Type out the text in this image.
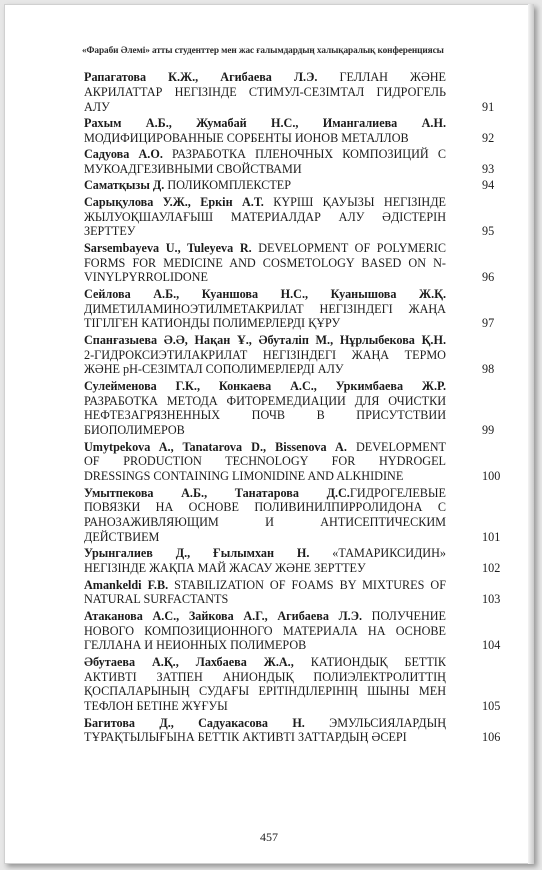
«Фараби Әлемі» атты студенттер мен жас ғалымдардың халықаралық конференциясы
Рапагатова К.Ж., Агибаева Л.Э. ГЕЛЛАН ЖӘНЕ
АКРИЛАТТАР НЕГІЗІНДЕ СТИМУЛ-СЕЗІМТАЛ ГИДРОГЕЛЬ
АЛУ	91
Рахым А.Б., Жумабай Н.С., Имангалиева А.Н.
МОДИФИЦИРОВАННЫЕ СОРБЕНТЫ ИОНОВ МЕТАЛЛОВ	92
Садуова А.О. РАЗРАБОТКА ПЛЕНОЧНЫХ КОМПОЗИЦИЙ С
МУКОАДГЕЗИВНЫМИ СВОЙСТВАМИ	93
Саматқызы Д. ПОЛИКОМПЛЕКСТЕР	94
Сарықулова У.Ж., Еркін А.Т. КҮРІШ ҚАУЫЗЫ НЕГІЗІНДЕ
ЖЫЛУОҚШАУЛАҒЫШ МАТЕРИАЛДАР АЛУ ӘДІСТЕРІН
ЗЕРТТЕУ	95
Sarsembayeva U., Tuleyeva R. DEVELOPMENT OF POLYMERIC
FORMS FOR MEDICINE AND COSMETOLOGY BASED ON N-
VINYLPYRROLIDONE	96
Сейлова А.Б., Куаншова Н.С., Куанышова Ж.Қ.
ДИМЕТИЛАМИНОЭТИЛМЕТАКРИЛАТ НЕГІЗІНДЕГІ ЖАҢА
ТІГІЛГЕН КАТИОНДЫ ПОЛИМЕРЛЕРДІ ҚҰРУ	97
Спанғазыева Ә.Ә, Нақан Ұ., Әбуталіп М., Нұрлыбекова Қ.Н.
2-ГИДРОКСИЭТИЛАКРИЛАТ НЕГІЗІНДЕГІ ЖАҢА ТЕРМО
ЖӘНЕ pH-СЕЗІМТАЛ СОПОЛИМЕРЛЕРДІ АЛУ	98
Сулейменова Г.К., Конкаева А.С., Уркимбаева Ж.Р.
РАЗРАБОТКА МЕТОДА ФИТОРЕМЕДИАЦИИ ДЛЯ ОЧИСТКИ
НЕФТЕЗАГРЯЗНЕННЫХ ПОЧВ В ПРИСУТСТВИИ
БИОПОЛИМЕРОВ	99
Umytpekova A., Tanatarova D., Bissenova A. DEVELOPMENT
OF PRODUCTION TECHNOLOGY FOR HYDROGEL
DRESSINGS CONTAINING LIMONIDINE AND ALKHIDINE	100
Умытпекова А.Б., Танатарова Д.С.ГИДРОГЕЛЕВЫЕ
ПОВЯЗКИ НА ОСНОВЕ ПОЛИВИНИЛПИРРОЛИДОНА С
РАНОЗАЖИВЛЯЮЩИМ И АНТИСЕПТИЧЕСКИМ
ДЕЙСТВИЕМ	101
Урынгалиев Д., Ғылымхан Н. «ТАМАРИКСИДИН»
НЕГІЗІНДЕ ЖАҚПА МАЙ ЖАСАУ ЖӘНЕ ЗЕРТТЕУ	102
Amankeldi F.B. STABILIZATION OF FOAMS BY MIXTURES OF
NATURAL SURFACTANTS	103
Атаканова А.С., Зайкова А.Г., Агибаева Л.Э. ПОЛУЧЕНИЕ
НОВОГО КОМПОЗИЦИОННОГО МАТЕРИАЛА НА ОСНОВЕ
ГЕЛЛАНА И НЕИОННЫХ ПОЛИМЕРОВ	104
Әбутаева А.Қ., Лахбаева Ж.А., КАТИОНДЫҚ БЕТТІК
АКТИВТІ ЗАТПЕН АНИОНДЫҚ ПОЛИЭЛЕКТРОЛИТТІҢ
ҚОСПАЛАРЫНЫҢ СУДАҒЫ ЕРІТІНДІЛЕРІНІҢ ШЫНЫ МЕН
ТЕФЛОН БЕТІНЕ ЖҰҒУЫ	105
Багитова Д., Садуакасова Н. ЭМУЛЬСИЯЛАРДЫҢ
ТҰРАҚТЫЛЫҒЫНА БЕТТІК АКТИВТІ ЗАТТАРДЫҢ ӘСЕРІ	106
457
